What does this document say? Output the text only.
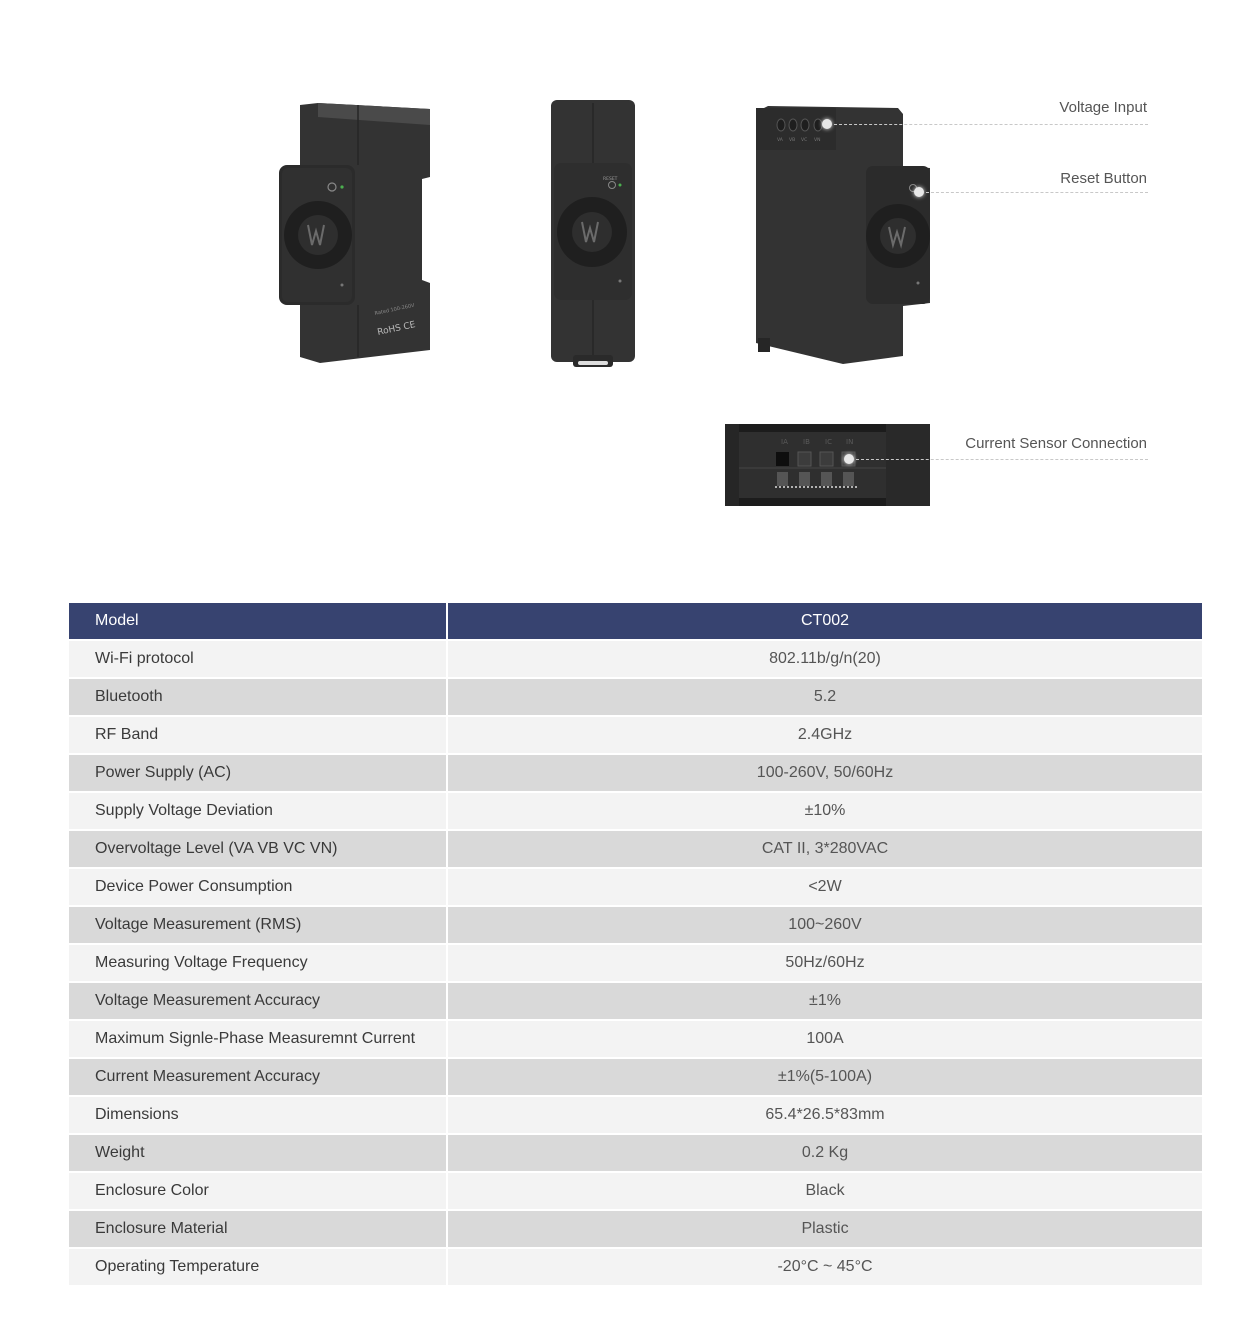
Rated 100-260V
RoHS CE
RESET
VA VB VC VN
Voltage Input
Reset Button
IA IB IC IN	Current Sensor Connection
Model	CT002
Wi-Fi protocol	802.11b/g/n(20)
Bluetooth	5.2
RF Band	2.4GHz
Power Supply (AC)	100-260V, 50/60Hz
Supply Voltage Deviation	±10%
Overvoltage Level (VA VB VC VN)	CAT II, 3*280VAC
Device Power Consumption	<2W
Voltage Measurement (RMS)	100~260V
Measuring Voltage Frequency	50Hz/60Hz
Voltage Measurement Accuracy	±1%
Maximum Signle-Phase Measuremnt Current	100A
Current Measurement Accuracy	±1%(5-100A)
Dimensions	65.4*26.5*83mm
Weight	0.2 Kg
Enclosure Color	Black
Enclosure Material	Plastic
Operating Temperature	-20°C ~ 45°C
